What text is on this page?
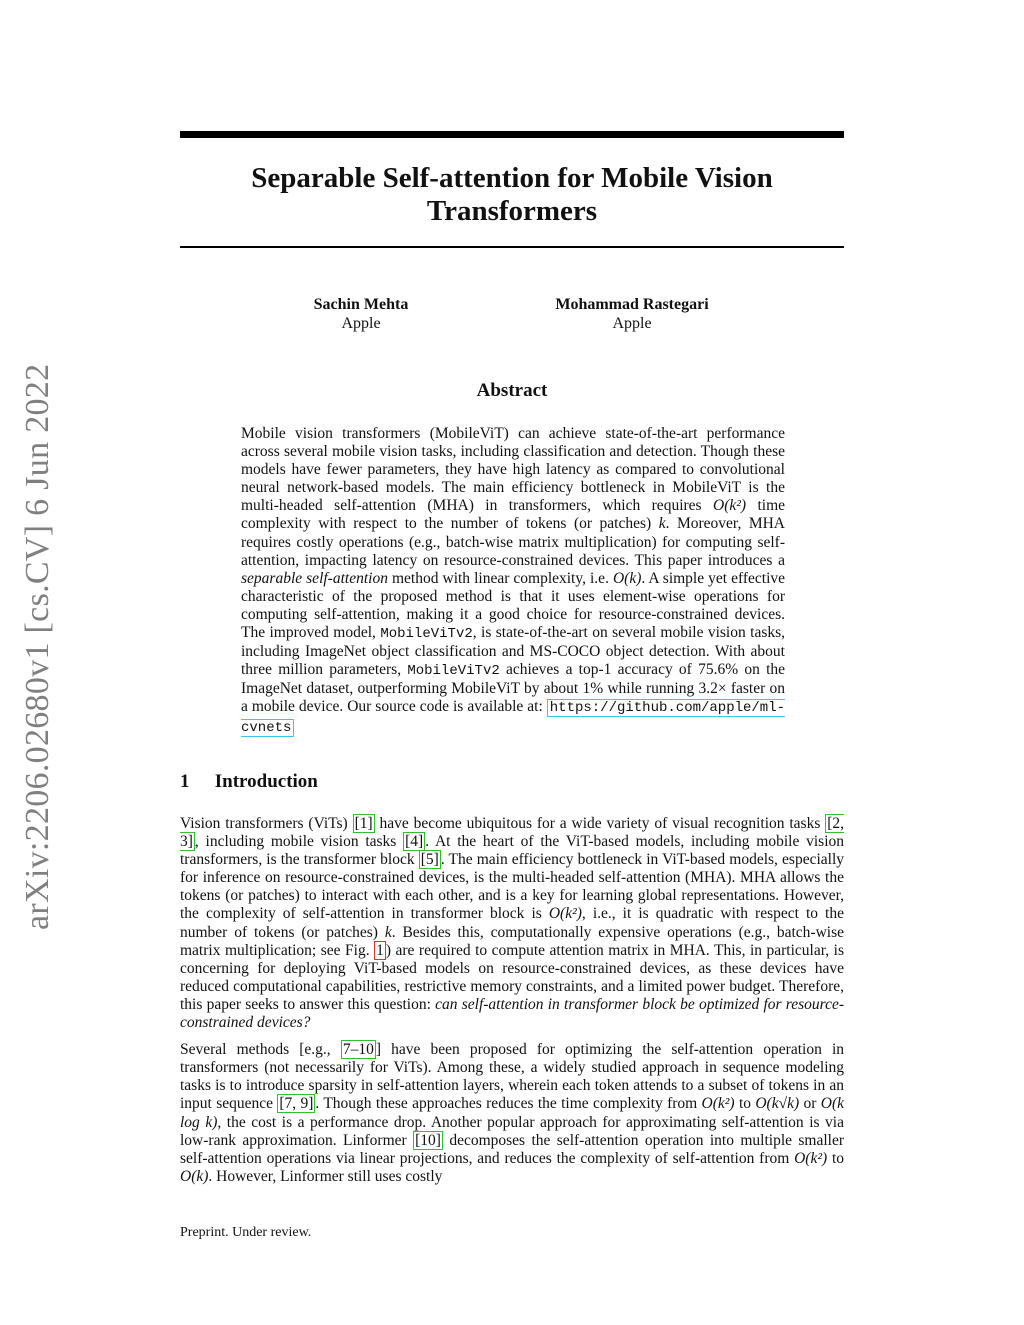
arXiv:2206.02680v1 [cs.CV] 6 Jun 2022
Separable Self-attention for Mobile Vision Transformers
Sachin Mehta
Apple
Mohammad Rastegari
Apple
Abstract

Mobile vision transformers (MobileViT) can achieve state-of-the-art performance across several mobile vision tasks, including classification and detection. Though these models have fewer parameters, they have high latency as compared to convolutional neural network-based models. The main efficiency bottleneck in MobileViT is the multi-headed self-attention (MHA) in transformers, which requires O(k²) time complexity with respect to the number of tokens (or patches) k. Moreover, MHA requires costly operations (e.g., batch-wise matrix multiplication) for computing self-attention, impacting latency on resource-constrained devices. This paper introduces a separable self-attention method with linear complexity, i.e. O(k). A simple yet effective characteristic of the proposed method is that it uses element-wise operations for computing self-attention, making it a good choice for resource-constrained devices. The improved model, MobileViTv2, is state-of-the-art on several mobile vision tasks, including ImageNet object classification and MS-COCO object detection. With about three million parameters, MobileViTv2 achieves a top-1 accuracy of 75.6% on the ImageNet dataset, outperforming MobileViT by about 1% while running 3.2× faster on a mobile device. Our source code is available at: https://github.com/apple/ml-cvnets

1 Introduction

Vision transformers (ViTs) [1] have become ubiquitous for a wide variety of visual recognition tasks [2, 3] , including mobile vision tasks [4] . At the heart of the ViT-based models, including mobile vision transformers, is the transformer block [5] . The main efficiency bottleneck in ViT-based models, especially for inference on resource-constrained devices, is the multi-headed self-attention (MHA). MHA allows the tokens (or patches) to interact with each other, and is a key for learning global representations. However, the complexity of self-attention in transformer block is O(k²), i.e., it is quadratic with respect to the number of tokens (or patches) k. Besides this, computationally expensive operations (e.g., batch-wise matrix multiplication; see Fig. 1 ) are required to compute attention matrix in MHA. This, in particular, is concerning for deploying ViT-based models on resource-constrained devices, as these devices have reduced computational capabilities, restrictive memory constraints, and a limited power budget. Therefore, this paper seeks to answer this question: can self-attention in transformer block be optimized for resource-constrained devices?

Several methods [e.g., 7–10 ] have been proposed for optimizing the self-attention operation in transformers (not necessarily for ViTs). Among these, a widely studied approach in sequence modeling tasks is to introduce sparsity in self-attention layers, wherein each token attends to a subset of tokens in an input sequence [7, 9] . Though these approaches reduces the time complexity from O(k²) to O(k√k) or O(k log k), the cost is a performance drop. Another popular approach for approximating self-attention is via low-rank approximation. Linformer [10] decomposes the self-attention operation into multiple smaller self-attention operations via linear projections, and reduces the complexity of self-attention from O(k²) to O(k). However, Linformer still uses costly

Preprint. Under review.
